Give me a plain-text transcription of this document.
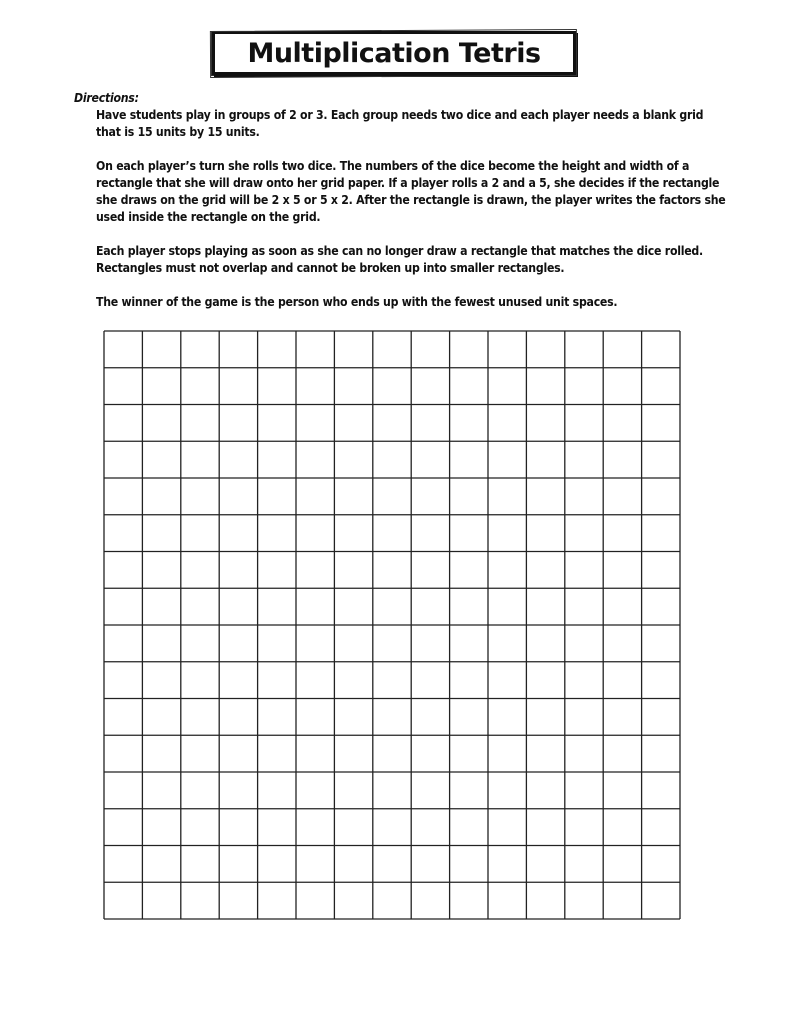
Multiplication Tetris

Directions:

Have students play in groups of 2 or 3. Each group needs two dice and each player needs a blank grid that is 15 units by 15 units.

On each player’s turn she rolls two dice. The numbers of the dice become the height and width of a rectangle that she will draw onto her grid paper. If a player rolls a 2 and a 5, she decides if the rectangle she draws on the grid will be 2 x 5 or 5 x 2. After the rectangle is drawn, the player writes the factors she used inside the rectangle on the grid.

Each player stops playing as soon as she can no longer draw a rectangle that matches the dice rolled. Rectangles must not overlap and cannot be broken up into smaller rectangles.

The winner of the game is the person who ends up with the fewest unused unit spaces.
